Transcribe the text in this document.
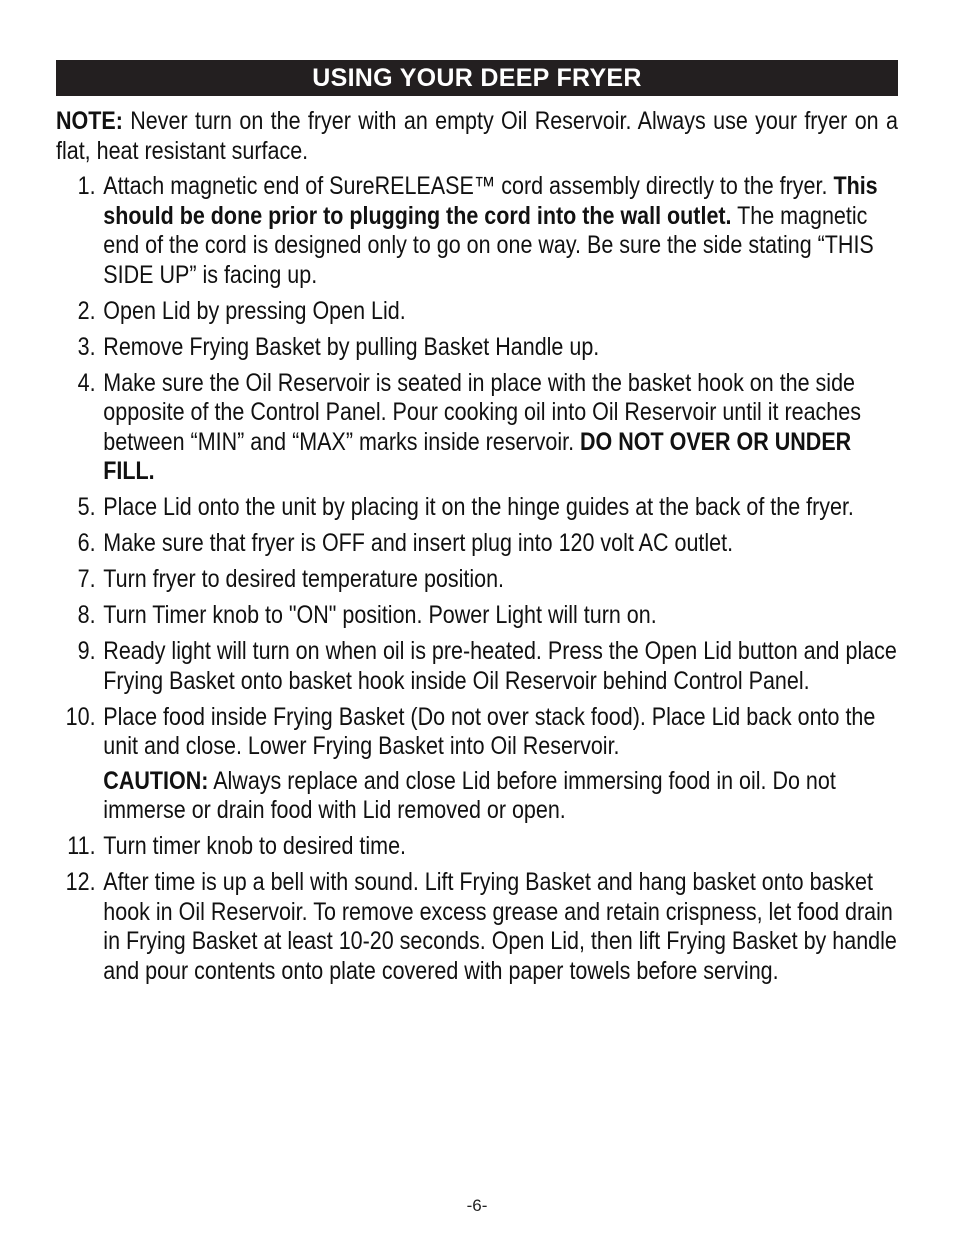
USING YOUR DEEP FRYER

NOTE: Never turn on the fryer with an empty Oil Reservoir. Always use your fryer on a flat, heat resistant surface.

1. Attach magnetic end of SureRELEASE™ cord assembly directly to the fryer. This should be done prior to plugging the cord into the wall outlet. The magnetic end of the cord is designed only to go on one way. Be sure the side stating “THIS SIDE UP” is facing up.
2. Open Lid by pressing Open Lid.
3. Remove Frying Basket by pulling Basket Handle up.
4. Make sure the Oil Reservoir is seated in place with the basket hook on the side opposite of the Control Panel. Pour cooking oil into Oil Reservoir until it reaches between “MIN” and “MAX” marks inside reservoir. DO NOT OVER OR UNDER FILL.
5. Place Lid onto the unit by placing it on the hinge guides at the back of the fryer.
6. Make sure that fryer is OFF and insert plug into 120 volt AC outlet.
7. Turn fryer to desired temperature position.
8. Turn Timer knob to "ON" position. Power Light will turn on.
9. Ready light will turn on when oil is pre-heated. Press the Open Lid button and place Frying Basket onto basket hook inside Oil Reservoir behind Control Panel.
10. Place food inside Frying Basket (Do not over stack food). Place Lid back onto the unit and close. Lower Frying Basket into Oil Reservoir.
CAUTION: Always replace and close Lid before immersing food in oil. Do not immerse or drain food with Lid removed or open.
11. Turn timer knob to desired time.
12. After time is up a bell with sound. Lift Frying Basket and hang basket onto basket hook in Oil Reservoir. To remove excess grease and retain crispness, let food drain in Frying Basket at least 10-20 seconds. Open Lid, then lift Frying Basket by handle and pour contents onto plate covered with paper towels before serving.
-6-
